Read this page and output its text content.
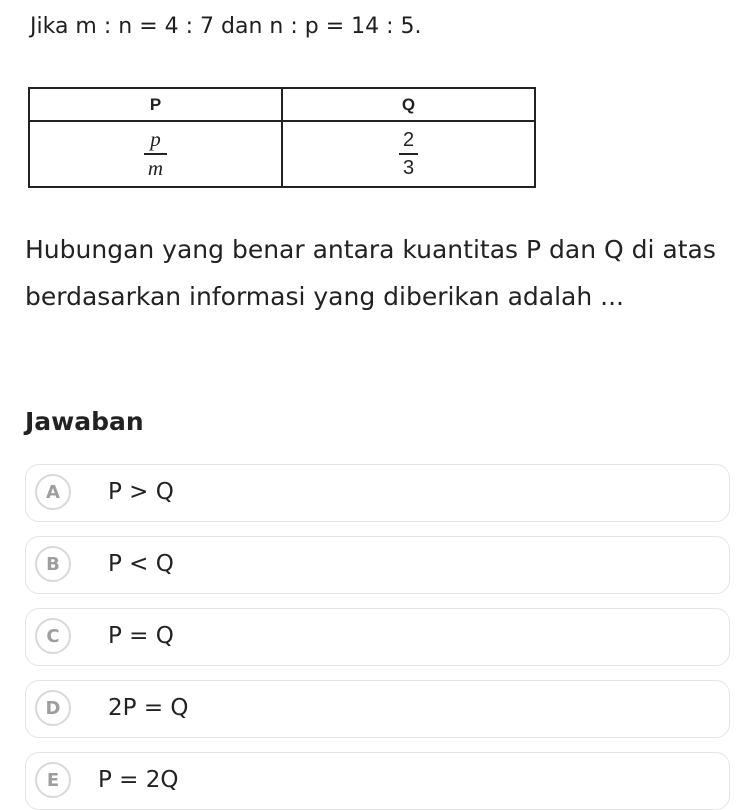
Jika m : n = 4 : 7 dan n : p = 14 : 5.
P	Q

$\frac{p}{m}$	$\frac{2}{3}$
Hubungan yang benar antara kuantitas P dan Q di atas berdasarkan informasi yang diberikan adalah ...
Jawaban
A	P > Q
B	P < Q
C	P = Q
D	2P = Q
E	P = 2Q
